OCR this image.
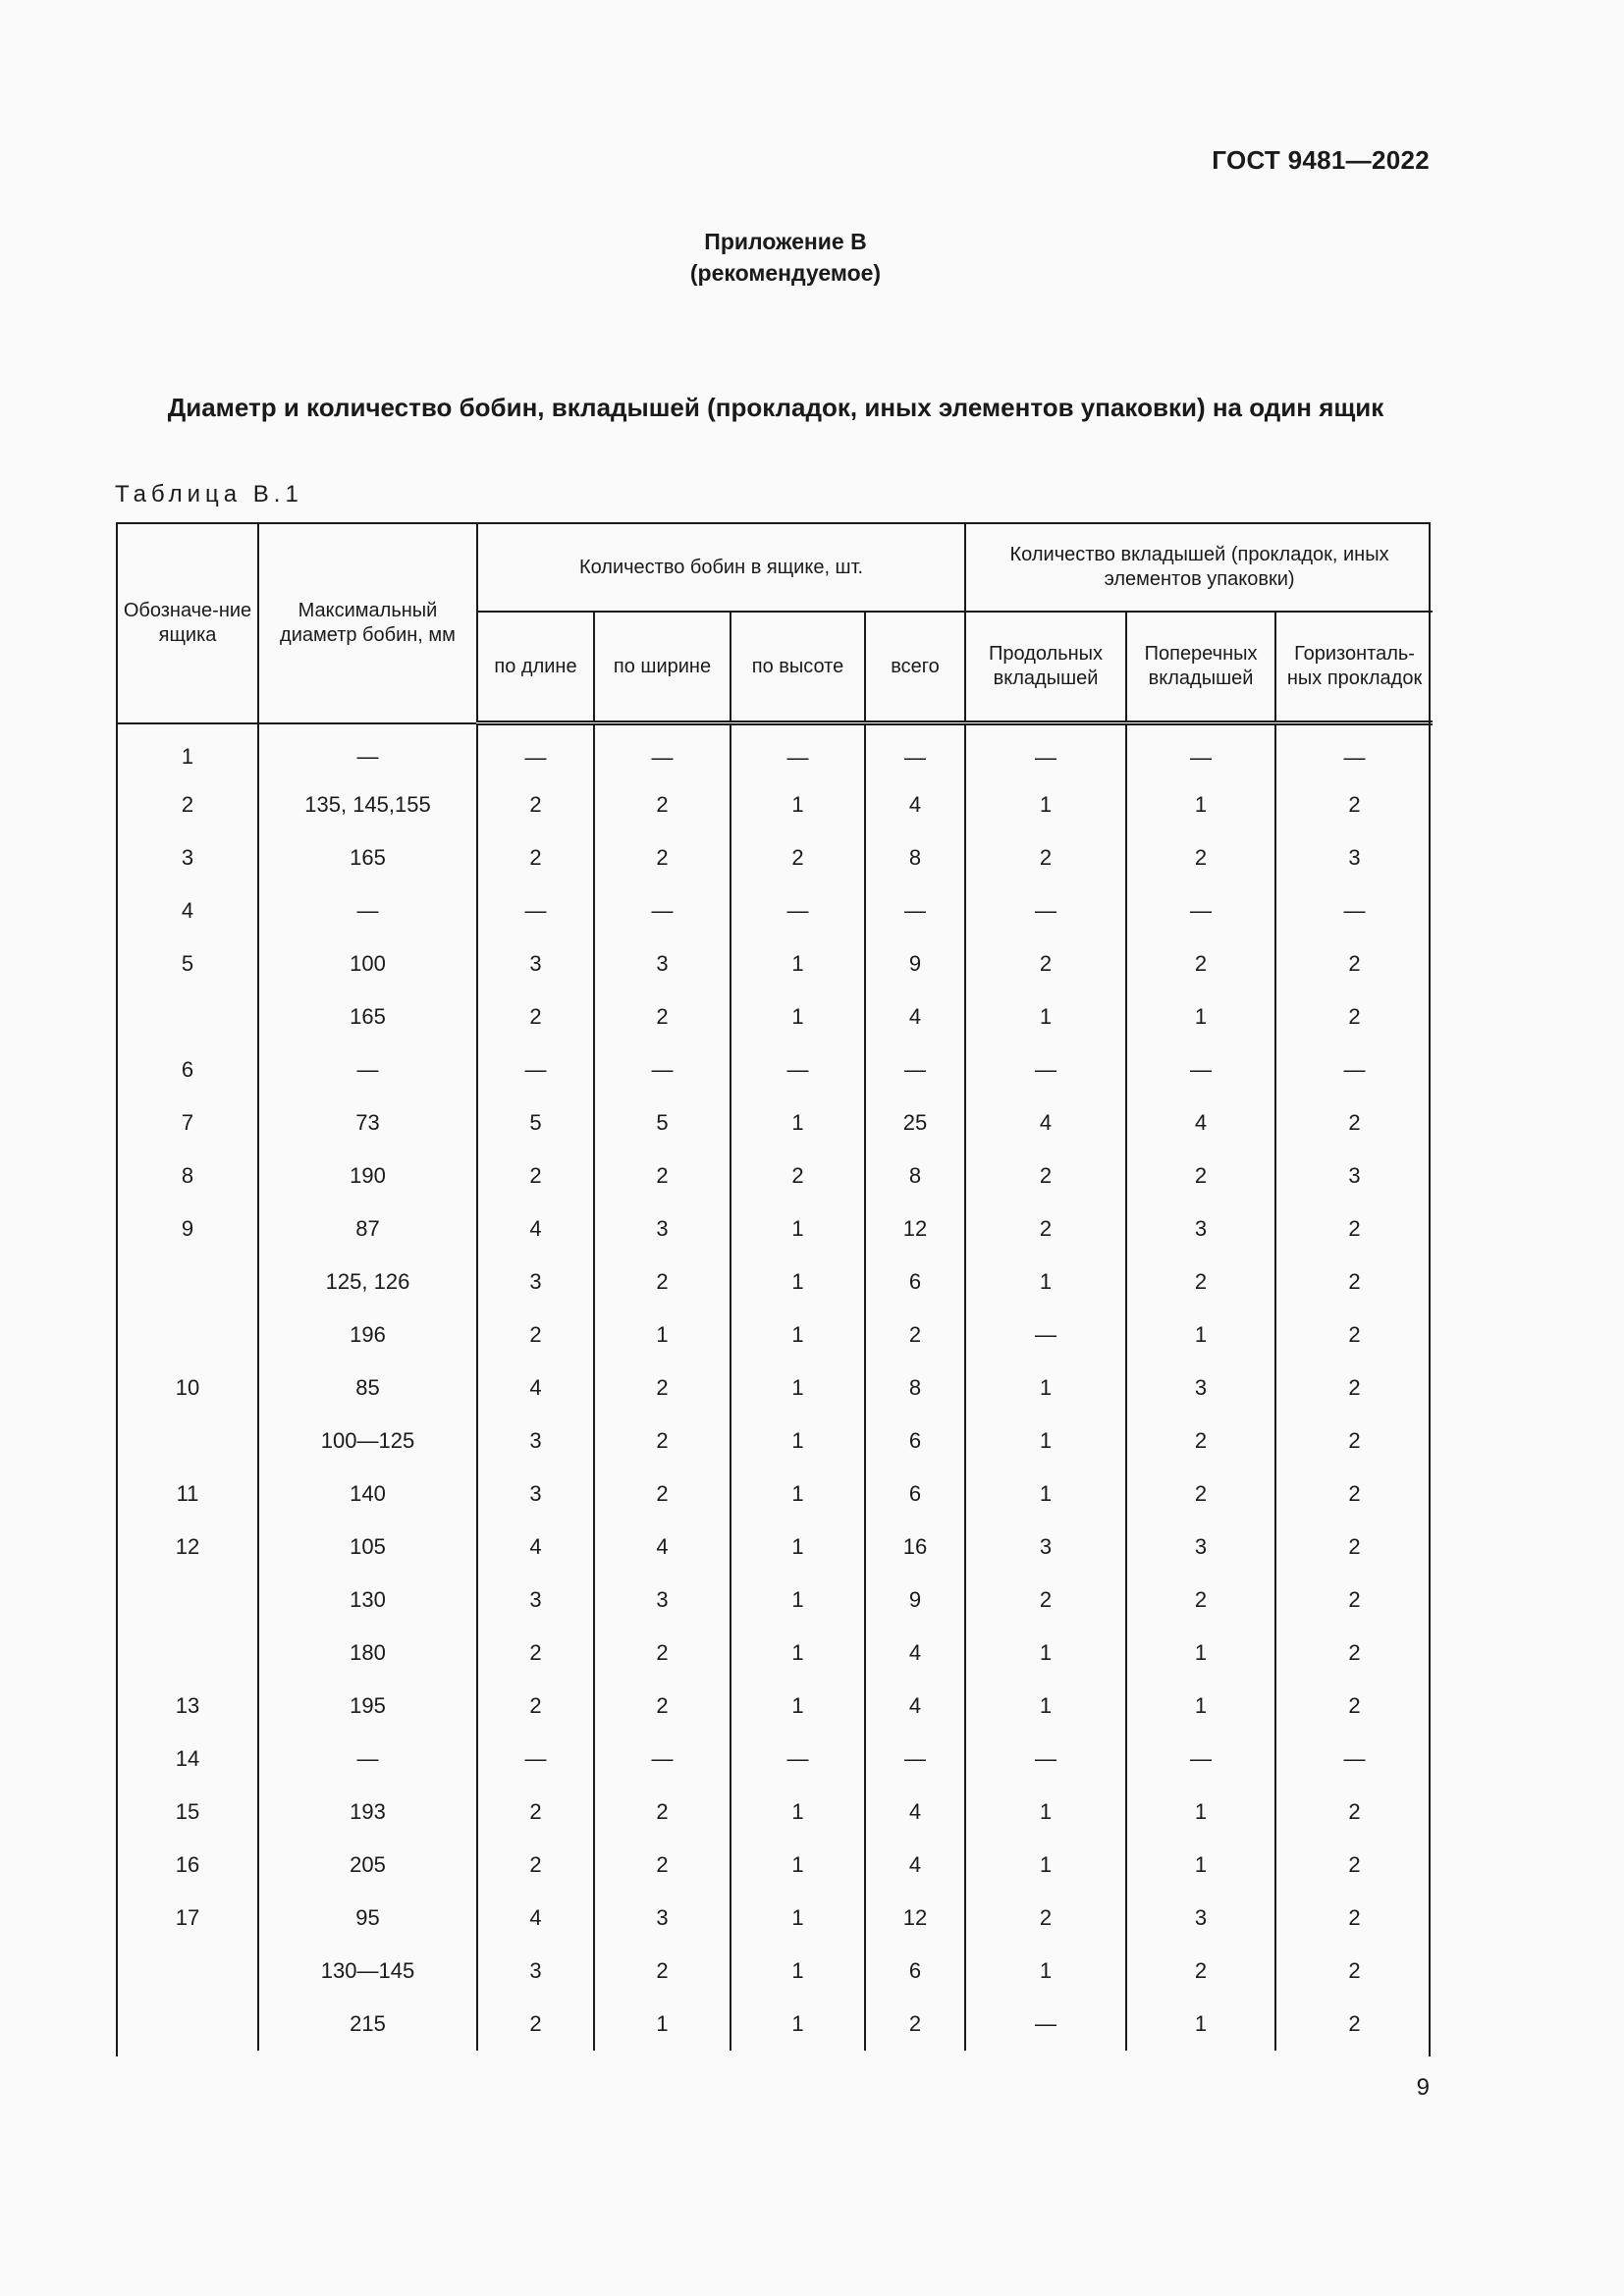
ГОСТ 9481—2022
Приложение В
(рекомендуемое)
Диаметр и количество бобин, вкладышей (прокладок, иных элементов упаковки) на один ящик
Таблица В.1
Обозначе-ние ящика	Максимальный диаметр бобин, мм	Количество бобин в ящике, шт.				Количество вкладышей (прокладок, иных элементов упаковки)		
		по длине	по ширине	по высоте	всего	Продольных вкладышей	Поперечных вкладышей	Горизонталь-ных прокладок
1	—	—	—	—	—	—	—	—
2	135, 145,155	2	2	1	4	1	1	2
3	165	2	2	2	8	2	2	3
4	—	—	—	—	—	—	—	—
5	100	3	3	1	9	2	2	2
	165	2	2	1	4	1	1	2
6	—	—	—	—	—	—	—	—
7	73	5	5	1	25	4	4	2
8	190	2	2	2	8	2	2	3
9	87	4	3	1	12	2	3	2
	125, 126	3	2	1	6	1	2	2
	196	2	1	1	2	—	1	2
10	85	4	2	1	8	1	3	2
	100—125	3	2	1	6	1	2	2
11	140	3	2	1	6	1	2	2
12	105	4	4	1	16	3	3	2
	130	3	3	1	9	2	2	2
	180	2	2	1	4	1	1	2
13	195	2	2	1	4	1	1	2
14	—	—	—	—	—	—	—	—
15	193	2	2	1	4	1	1	2
16	205	2	2	1	4	1	1	2
17	95	4	3	1	12	2	3	2
	130—145	3	2	1	6	1	2	2
	215	2	1	1	2	—	1	2
9
